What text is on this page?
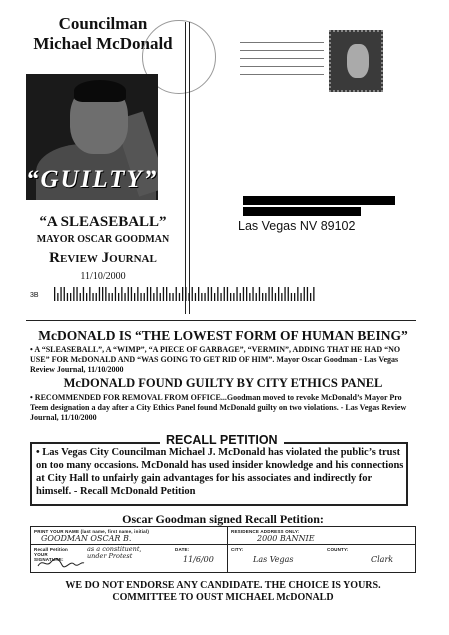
Councilman
Michael McDonald
“GUILTY”
“A SLEASEBALL”
MAYOR OSCAR GOODMAN
Review Journal
11/10/2000
Las Vegas NV 89102
3B
McDONALD IS “THE LOWEST FORM OF HUMAN BEING”
• A “SLEASEBALL”, A “WIMP”, “A PIECE OF GARBAGE”, “VERMIN”, ADDING THAT HE HAD “NO USE” FOR McDONALD AND “WAS GOING TO GET RID OF HIM”. Mayor Oscar Goodman - Las Vegas Review Journal, 11/10/2000
McDONALD FOUND GUILTY BY CITY ETHICS PANEL
• RECOMMENDED FOR REMOVAL FROM OFFICE...Goodman moved to revoke McDonald’s Mayor Pro Teem designation a day after a City Ethics Panel found McDonald guilty on two violations. - Las Vegas Review Journal, 11/10/2000
RECALL PETITION
• Las Vegas City Councilman Michael J. McDonald has violated the public’s trust on too many occasions. McDonald has used insider knowledge and his connections at City Hall to unfairly gain advantages for his associates and indirectly for himself. - Recall McDonald Petition
Oscar Goodman signed Recall Petition:
PRINT YOUR NAME (last name, first name, initial)
GOODMAN OSCAR B.
RESIDENCE ADDRESS ONLY:
2000 BANNIE
Recall Petition YOUR SIGNATURE:
as a constituent, under Protest
DATE:
11/6/00
CITY:
Las Vegas
COUNTY:
Clark
WE DO NOT ENDORSE ANY CANDIDATE. THE CHOICE IS YOURS.
COMMITTEE TO OUST MICHAEL McDONALD
